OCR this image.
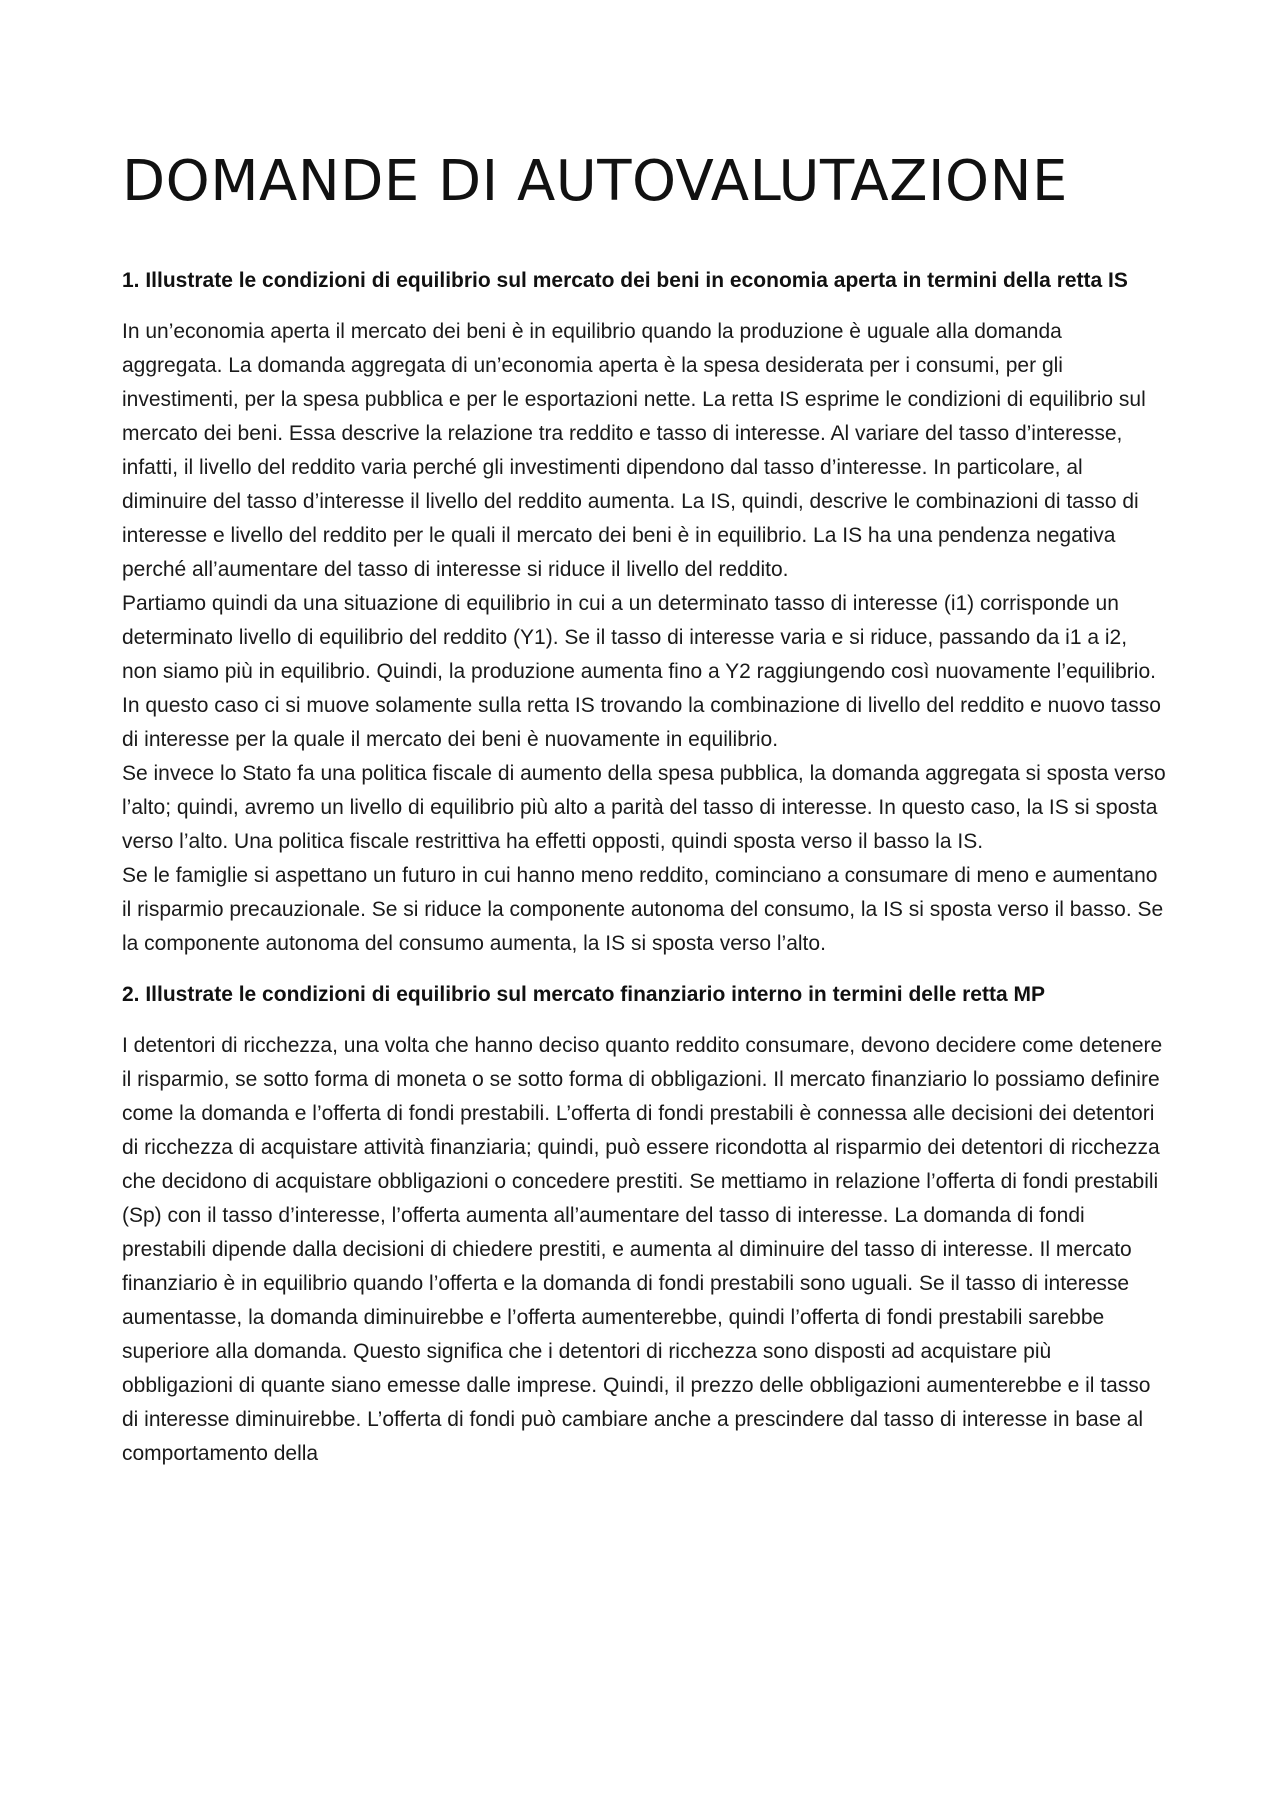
DOMANDE DI AUTOVALUTAZIONE
1. Illustrate le condizioni di equilibrio sul mercato dei beni in economia aperta in termini della retta IS

In un’economia aperta il mercato dei beni è in equilibrio quando la produzione è uguale alla domanda aggregata. La domanda aggregata di un’economia aperta è la spesa desiderata per i consumi, per gli investimenti, per la spesa pubblica e per le esportazioni nette. La retta IS esprime le condizioni di equilibrio sul mercato dei beni. Essa descrive la relazione tra reddito e tasso di interesse. Al variare del tasso d’interesse, infatti, il livello del reddito varia perché gli investimenti dipendono dal tasso d’interesse. In particolare, al diminuire del tasso d’interesse il livello del reddito aumenta. La IS, quindi, descrive le combinazioni di tasso di interesse e livello del reddito per le quali il mercato dei beni è in equilibrio. La IS ha una pendenza negativa perché all’aumentare del tasso di interesse si riduce il livello del reddito.

Partiamo quindi da una situazione di equilibrio in cui a un determinato tasso di interesse (i1) corrisponde un determinato livello di equilibrio del reddito (Y1). Se il tasso di interesse varia e si riduce, passando da i1 a i2, non siamo più in equilibrio. Quindi, la produzione aumenta fino a Y2 raggiungendo così nuovamente l’equilibrio. In questo caso ci si muove solamente sulla retta IS trovando la combinazione di livello del reddito e nuovo tasso di interesse per la quale il mercato dei beni è nuovamente in equilibrio.

Se invece lo Stato fa una politica fiscale di aumento della spesa pubblica, la domanda aggregata si sposta verso l’alto; quindi, avremo un livello di equilibrio più alto a parità del tasso di interesse. In questo caso, la IS si sposta verso l’alto. Una politica fiscale restrittiva ha effetti opposti, quindi sposta verso il basso la IS.

Se le famiglie si aspettano un futuro in cui hanno meno reddito, cominciano a consumare di meno e aumentano il risparmio precauzionale. Se si riduce la componente autonoma del consumo, la IS si sposta verso il basso. Se la componente autonoma del consumo aumenta, la IS si sposta verso l’alto.

2. Illustrate le condizioni di equilibrio sul mercato finanziario interno in termini delle retta MP

I detentori di ricchezza, una volta che hanno deciso quanto reddito consumare, devono decidere come detenere il risparmio, se sotto forma di moneta o se sotto forma di obbligazioni. Il mercato finanziario lo possiamo definire come la domanda e l’offerta di fondi prestabili. L’offerta di fondi prestabili è connessa alle decisioni dei detentori di ricchezza di acquistare attività finanziaria; quindi, può essere ricondotta al risparmio dei detentori di ricchezza che decidono di acquistare obbligazioni o concedere prestiti. Se mettiamo in relazione l’offerta di fondi prestabili (Sp) con il tasso d’interesse, l’offerta aumenta all’aumentare del tasso di interesse. La domanda di fondi prestabili dipende dalla decisioni di chiedere prestiti, e aumenta al diminuire del tasso di interesse. Il mercato finanziario è in equilibrio quando l’offerta e la domanda di fondi prestabili sono uguali. Se il tasso di interesse aumentasse, la domanda diminuirebbe e l’offerta aumenterebbe, quindi l’offerta di fondi prestabili sarebbe superiore alla domanda. Questo significa che i detentori di ricchezza sono disposti ad acquistare più obbligazioni di quante siano emesse dalle imprese. Quindi, il prezzo delle obbligazioni aumenterebbe e il tasso di interesse diminuirebbe. L’offerta di fondi può cambiare anche a prescindere dal tasso di interesse in base al comportamento della
